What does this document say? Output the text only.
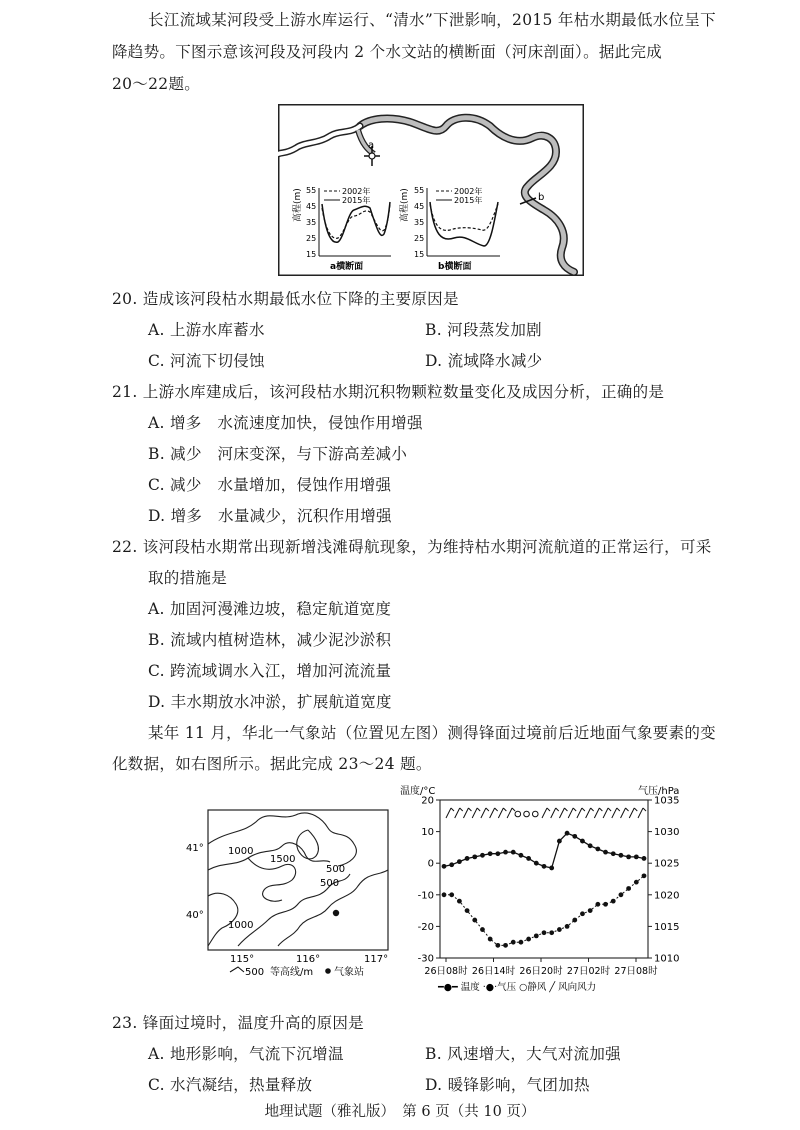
长江流域某河段受上游水库运行、“清水”下泄影响，2015 年枯水期最低水位呈下
降趋势。下图示意该河段及河段内 2 个水文站的横断面（河床剖面）。据此完成
20～22题。
a
b
高程(m) 55
45
35
25
15
2002年
2015年
a横断面
高程(m) 55
45
35
25
15
2002年
2015年
b横断面
20. 造成该河段枯水期最低水位下降的主要原因是
A. 上游水库蓄水	B. 河段蒸发加剧
C. 河流下切侵蚀	D. 流域降水减少
21. 上游水库建成后，该河段枯水期沉积物颗粒数量变化及成因分析，正确的是
A. 增多　水流速度加快，侵蚀作用增强
B. 减少　河床变深，与下游高差减小
C. 减少　水量增加，侵蚀作用增强
D. 增多　水量减少，沉积作用增强
22. 该河段枯水期常出现新增浅滩碍航现象，为维持枯水期河流航道的正常运行，可采
取的措施是
A. 加固河漫滩边坡，稳定航道宽度
B. 流域内植树造林，减少泥沙淤积
C. 跨流域调水入江，增加河流流量
D. 丰水期放水冲淤，扩展航道宽度
某年 11 月，华北一气象站（位置见左图）测得锋面过境前后近地面气象要素的变
化数据，如右图所示。据此完成 23～24 题。
41°
40°
115°	116°	117°
1000
1500
500
500
1000
500 等高线/m 气象站
温度/°C	气压/hPa
20
10
0
-10
-20
-30
1035
1030
1025
1020
1015
1010
26日08时 26日14时 26日20时 27日02时 27日08时
━●━ 温度 ·●·气压 ○静风 ╱ 风向风力
23. 锋面过境时，温度升高的原因是
A. 地形影响，气流下沉增温	B. 风速增大，大气对流加强
C. 水汽凝结，热量释放	D. 暖锋影响，气团加热
地理试题（雅礼版）　第 6 页（共 10 页）
